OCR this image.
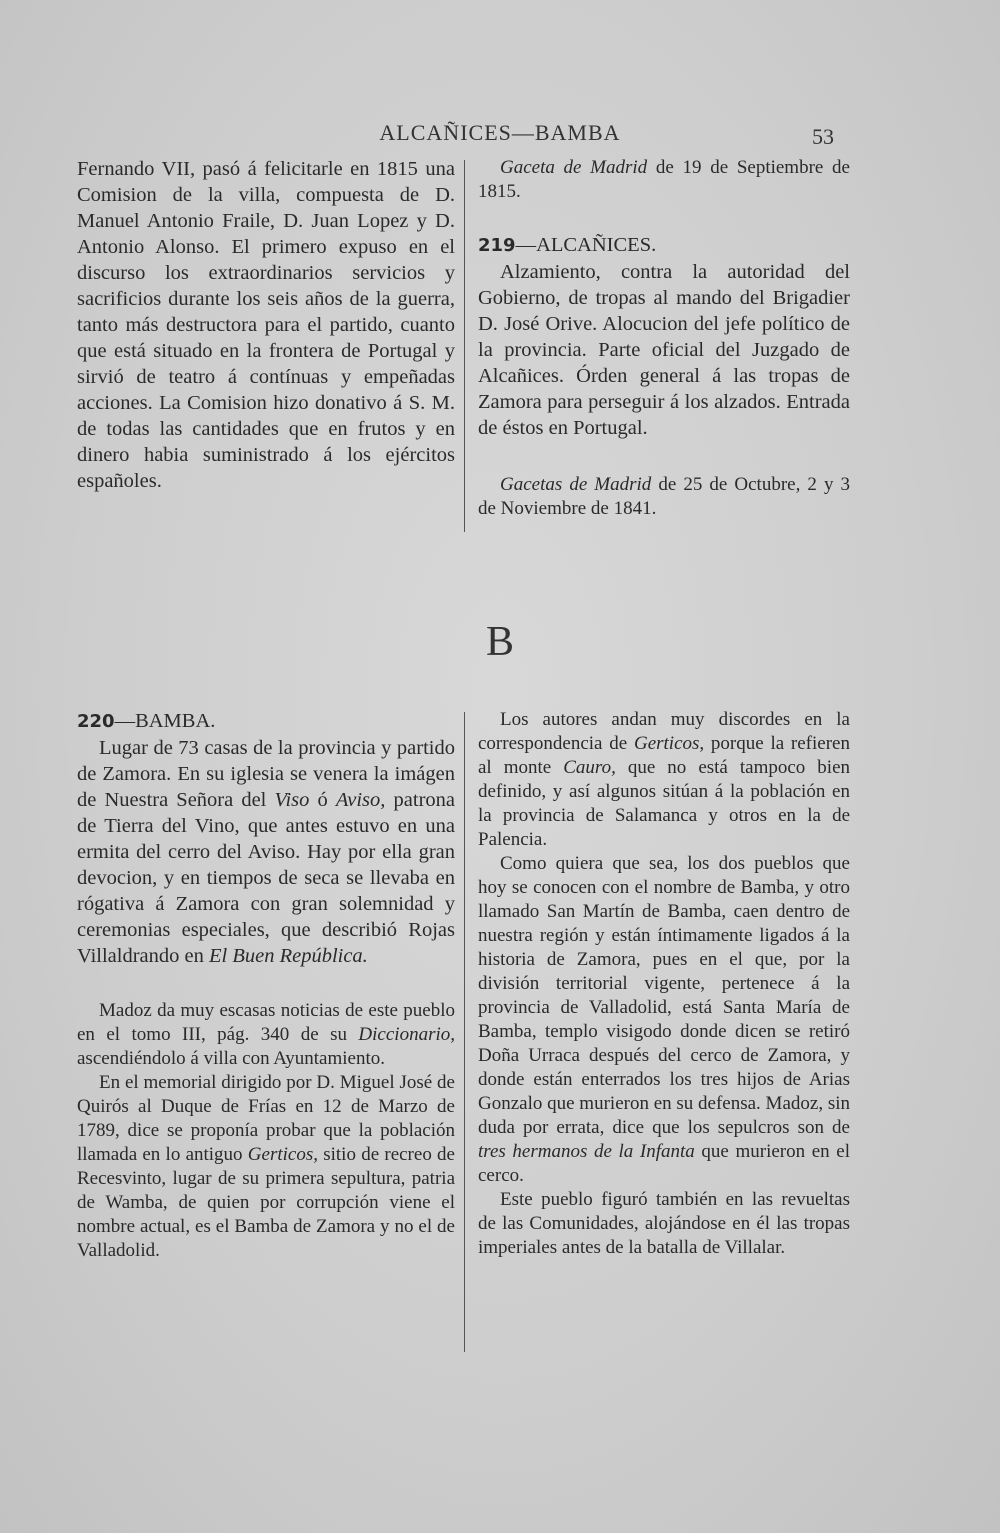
ALCAÑICES—BAMBA	53

Fernando VII, pasó á felicitarle en 1815 una Comision de la villa, compuesta de D. Manuel Antonio Fraile, D. Juan Lopez y D. Antonio Alonso. El primero expuso en el discurso los extraordinarios servicios y sacrificios durante los seis años de la guerra, tanto más destructora para el partido, cuanto que está situado en la frontera de Portugal y sirvió de teatro á contínuas y empeñadas acciones. La Comision hizo donativo á S. M. de todas las cantidades que en frutos y en dinero habia suministrado á los ejércitos españoles.

Gaceta de Madrid de 19 de Septiembre de 1815.

219—ALCAÑICES.

Alzamiento, contra la autoridad del Gobierno, de tropas al mando del Brigadier D. José Orive. Alocucion del jefe político de la provincia. Parte oficial del Juzgado de Alcañices. Órden general á las tropas de Zamora para perseguir á los alzados. Entrada de éstos en Portugal.

Gacetas de Madrid de 25 de Octubre, 2 y 3 de Noviembre de 1841.

B

220—BAMBA.

Lugar de 73 casas de la provincia y partido de Zamora. En su iglesia se venera la imágen de Nuestra Señora del Viso ó Aviso, patrona de Tierra del Vino, que antes estuvo en una ermita del cerro del Aviso. Hay por ella gran devocion, y en tiempos de seca se llevaba en rógativa á Zamora con gran solemnidad y ceremonias especiales, que describió Rojas Villaldrando en El Buen República.

Madoz da muy escasas noticias de este pueblo en el tomo III, pág. 340 de su Diccionario, ascendiéndolo á villa con Ayuntamiento.

En el memorial dirigido por D. Miguel José de Quirós al Duque de Frías en 12 de Marzo de 1789, dice se proponía probar que la población llamada en lo antiguo Gerticos, sitio de recreo de Recesvinto, lugar de su primera sepultura, patria de Wamba, de quien por corrupción viene el nombre actual, es el Bamba de Zamora y no el de Valladolid.

Los autores andan muy discordes en la correspondencia de Gerticos, porque la refieren al monte Cauro, que no está tampoco bien definido, y así algunos sitúan á la población en la provincia de Salamanca y otros en la de Palencia.

Como quiera que sea, los dos pueblos que hoy se conocen con el nombre de Bamba, y otro llamado San Martín de Bamba, caen dentro de nuestra región y están íntimamente ligados á la historia de Zamora, pues en el que, por la división territorial vigente, pertenece á la provincia de Valladolid, está Santa María de Bamba, templo visigodo donde dicen se retiró Doña Urraca después del cerco de Zamora, y donde están enterrados los tres hijos de Arias Gonzalo que murieron en su defensa. Madoz, sin duda por errata, dice que los sepulcros son de tres hermanos de la Infanta que murieron en el cerco.

Este pueblo figuró también en las revueltas de las Comunidades, alojándose en él las tropas imperiales antes de la batalla de Villalar.
